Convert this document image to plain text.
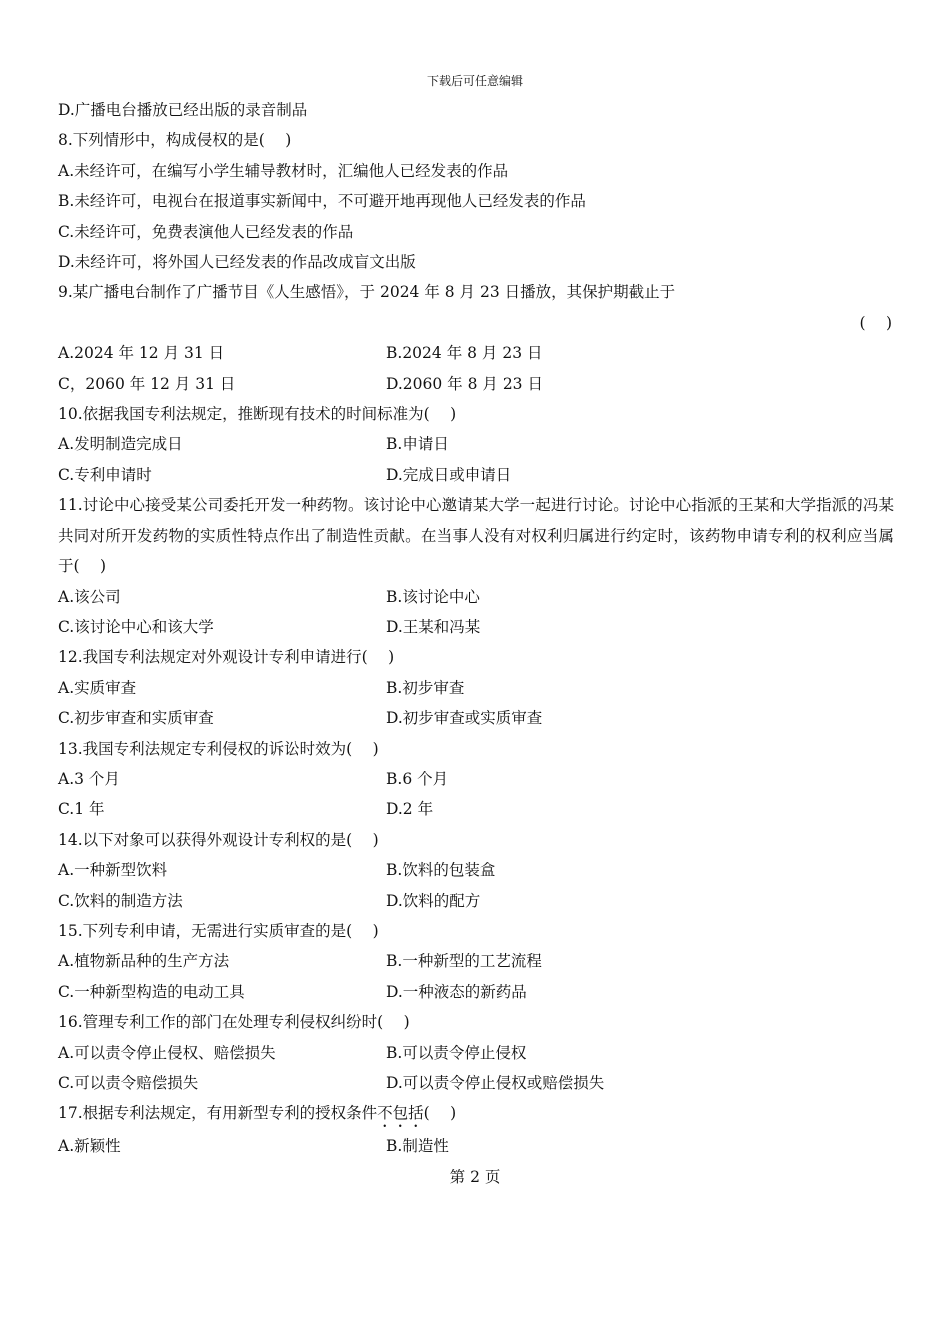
下载后可任意编辑
D.广播电台播放已经出版的录音制品
8.下列情形中，构成侵权的是(　 )
A.未经许可，在编写小学生辅导教材时，汇编他人已经发表的作品
B.未经许可，电视台在报道事实新闻中，不可避开地再现他人已经发表的作品
C.未经许可，免费表演他人已经发表的作品
D.未经许可，将外国人已经发表的作品改成盲文出版
9.某广播电台制作了广播节目《人生感悟》，于 2024 年 8 月 23 日播放，其保护期截止于
(　 )
A.2024 年 12 月 31 日	B.2024 年 8 月 23 日
C，2060 年 12 月 31 日	D.2060 年 8 月 23 日
10.依据我国专利法规定，推断现有技术的时间标准为(　 )
A.发明制造完成日	B.申请日
C.专利申请时	D.完成日或申请日
11.讨论中心接受某公司委托开发一种药物。该讨论中心邀请某大学一起进行讨论。讨论中心指派的王某和大学指派的冯某共同对所开发药物的实质性特点作出了制造性贡献。在当事人没有对权利归属进行约定时，该药物申请专利的权利应当属于(　 )
A.该公司	B.该讨论中心
C.该讨论中心和该大学	D.王某和冯某
12.我国专利法规定对外观设计专利申请进行(　 )
A.实质审查	B.初步审查
C.初步审查和实质审查	D.初步审查或实质审查
13.我国专利法规定专利侵权的诉讼时效为(　 )
A.3 个月	B.6 个月
C.1 年	D.2 年
14.以下对象可以获得外观设计专利权的是(　 )
A.一种新型饮料	B.饮料的包装盒
C.饮料的制造方法	D.饮料的配方
15.下列专利申请，无需进行实质审查的是(　 )
A.植物新品种的生产方法	B.一种新型的工艺流程
C.一种新型构造的电动工具	D.一种液态的新药品
16.管理专利工作的部门在处理专利侵权纠纷时(　 )
A.可以责令停止侵权、赔偿损失	B.可以责令停止侵权
C.可以责令赔偿损失	D.可以责令停止侵权或赔偿损失
17.根据专利法规定，有用新型专利的授权条件不包括(　 )
A.新颖性	B.制造性
第 2 页
